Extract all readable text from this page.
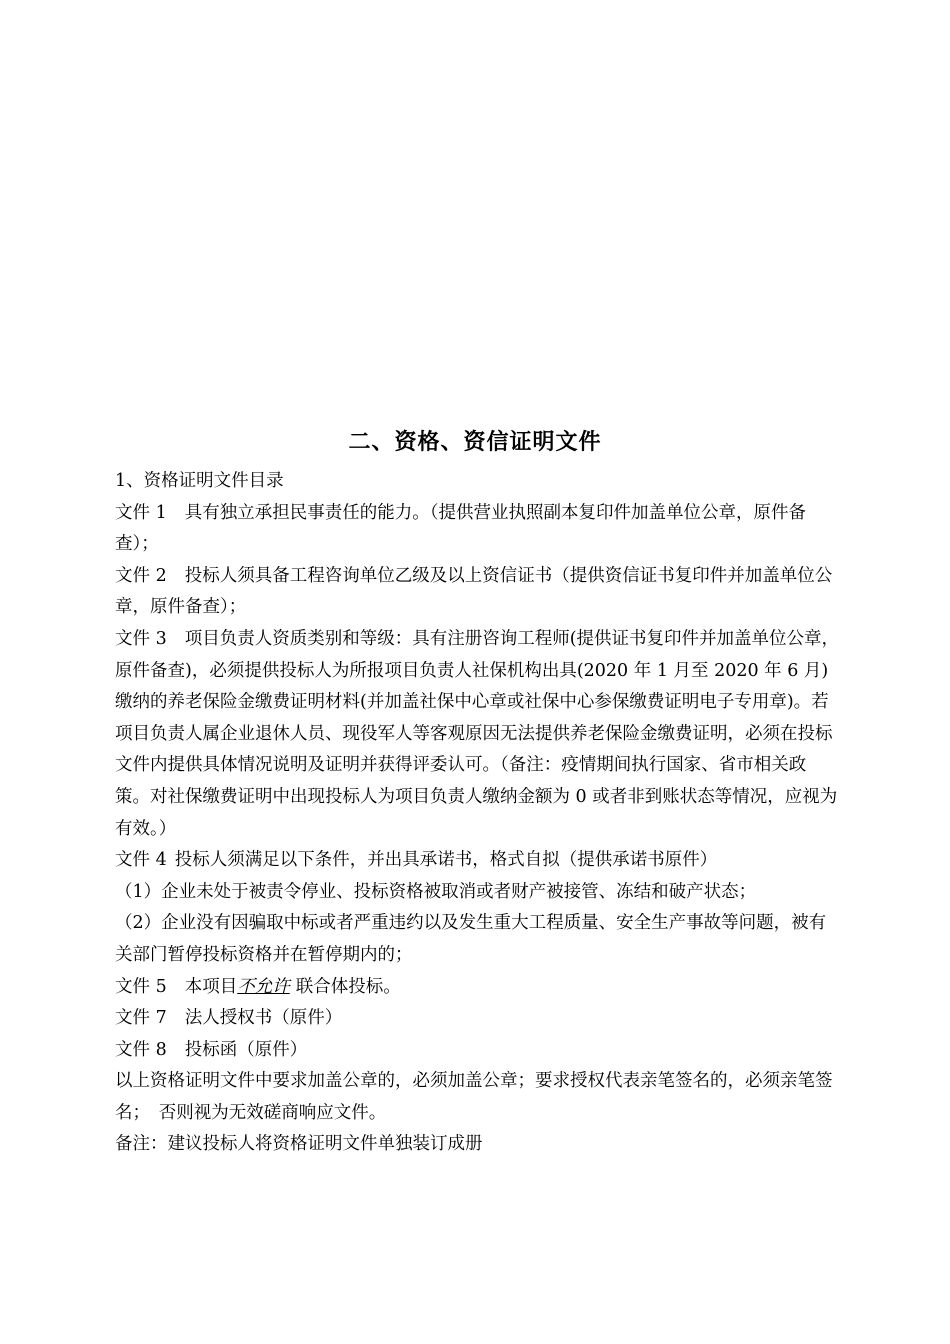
二、资格、资信证明文件

1、资格证明文件目录

文件 1 具有独立承担民事责任的能力。（提供营业执照副本复印件加盖单位公章，原件备查）；

文件 2 投标人须具备工程咨询单位乙级及以上资信证书（提供资信证书复印件并加盖单位公章，原件备查）；

文件 3 项目负责人资质类别和等级：具有注册咨询工程师(提供证书复印件并加盖单位公章，原件备查)，必须提供投标人为所报项目负责人社保机构出具(2020 年 1 月至 2020 年 6 月)缴纳的养老保险金缴费证明材料(并加盖社保中心章或社保中心参保缴费证明电子专用章)。若项目负责人属企业退休人员、现役军人等客观原因无法提供养老保险金缴费证明，必须在投标文件内提供具体情况说明及证明并获得评委认可。（备注：疫情期间执行国家、省市相关政策。对社保缴费证明中出现投标人为项目负责人缴纳金额为 0 或者非到账状态等情况，应视为有效。）

文件 4 投标人须满足以下条件，并出具承诺书，格式自拟（提供承诺书原件）

（1）企业未处于被责令停业、投标资格被取消或者财产被接管、冻结和破产状态；

（2）企业没有因骗取中标或者严重违约以及发生重大工程质量、安全生产事故等问题，被有关部门暂停投标资格并在暂停期内的；

文件 5 本项目不允许 联合体投标。

文件 7 法人授权书（原件）

文件 8 投标函（原件）

以上资格证明文件中要求加盖公章的，必须加盖公章；要求授权代表亲笔签名的，必须亲笔签名；　否则视为无效磋商响应文件。

备注：建议投标人将资格证明文件单独装订成册
